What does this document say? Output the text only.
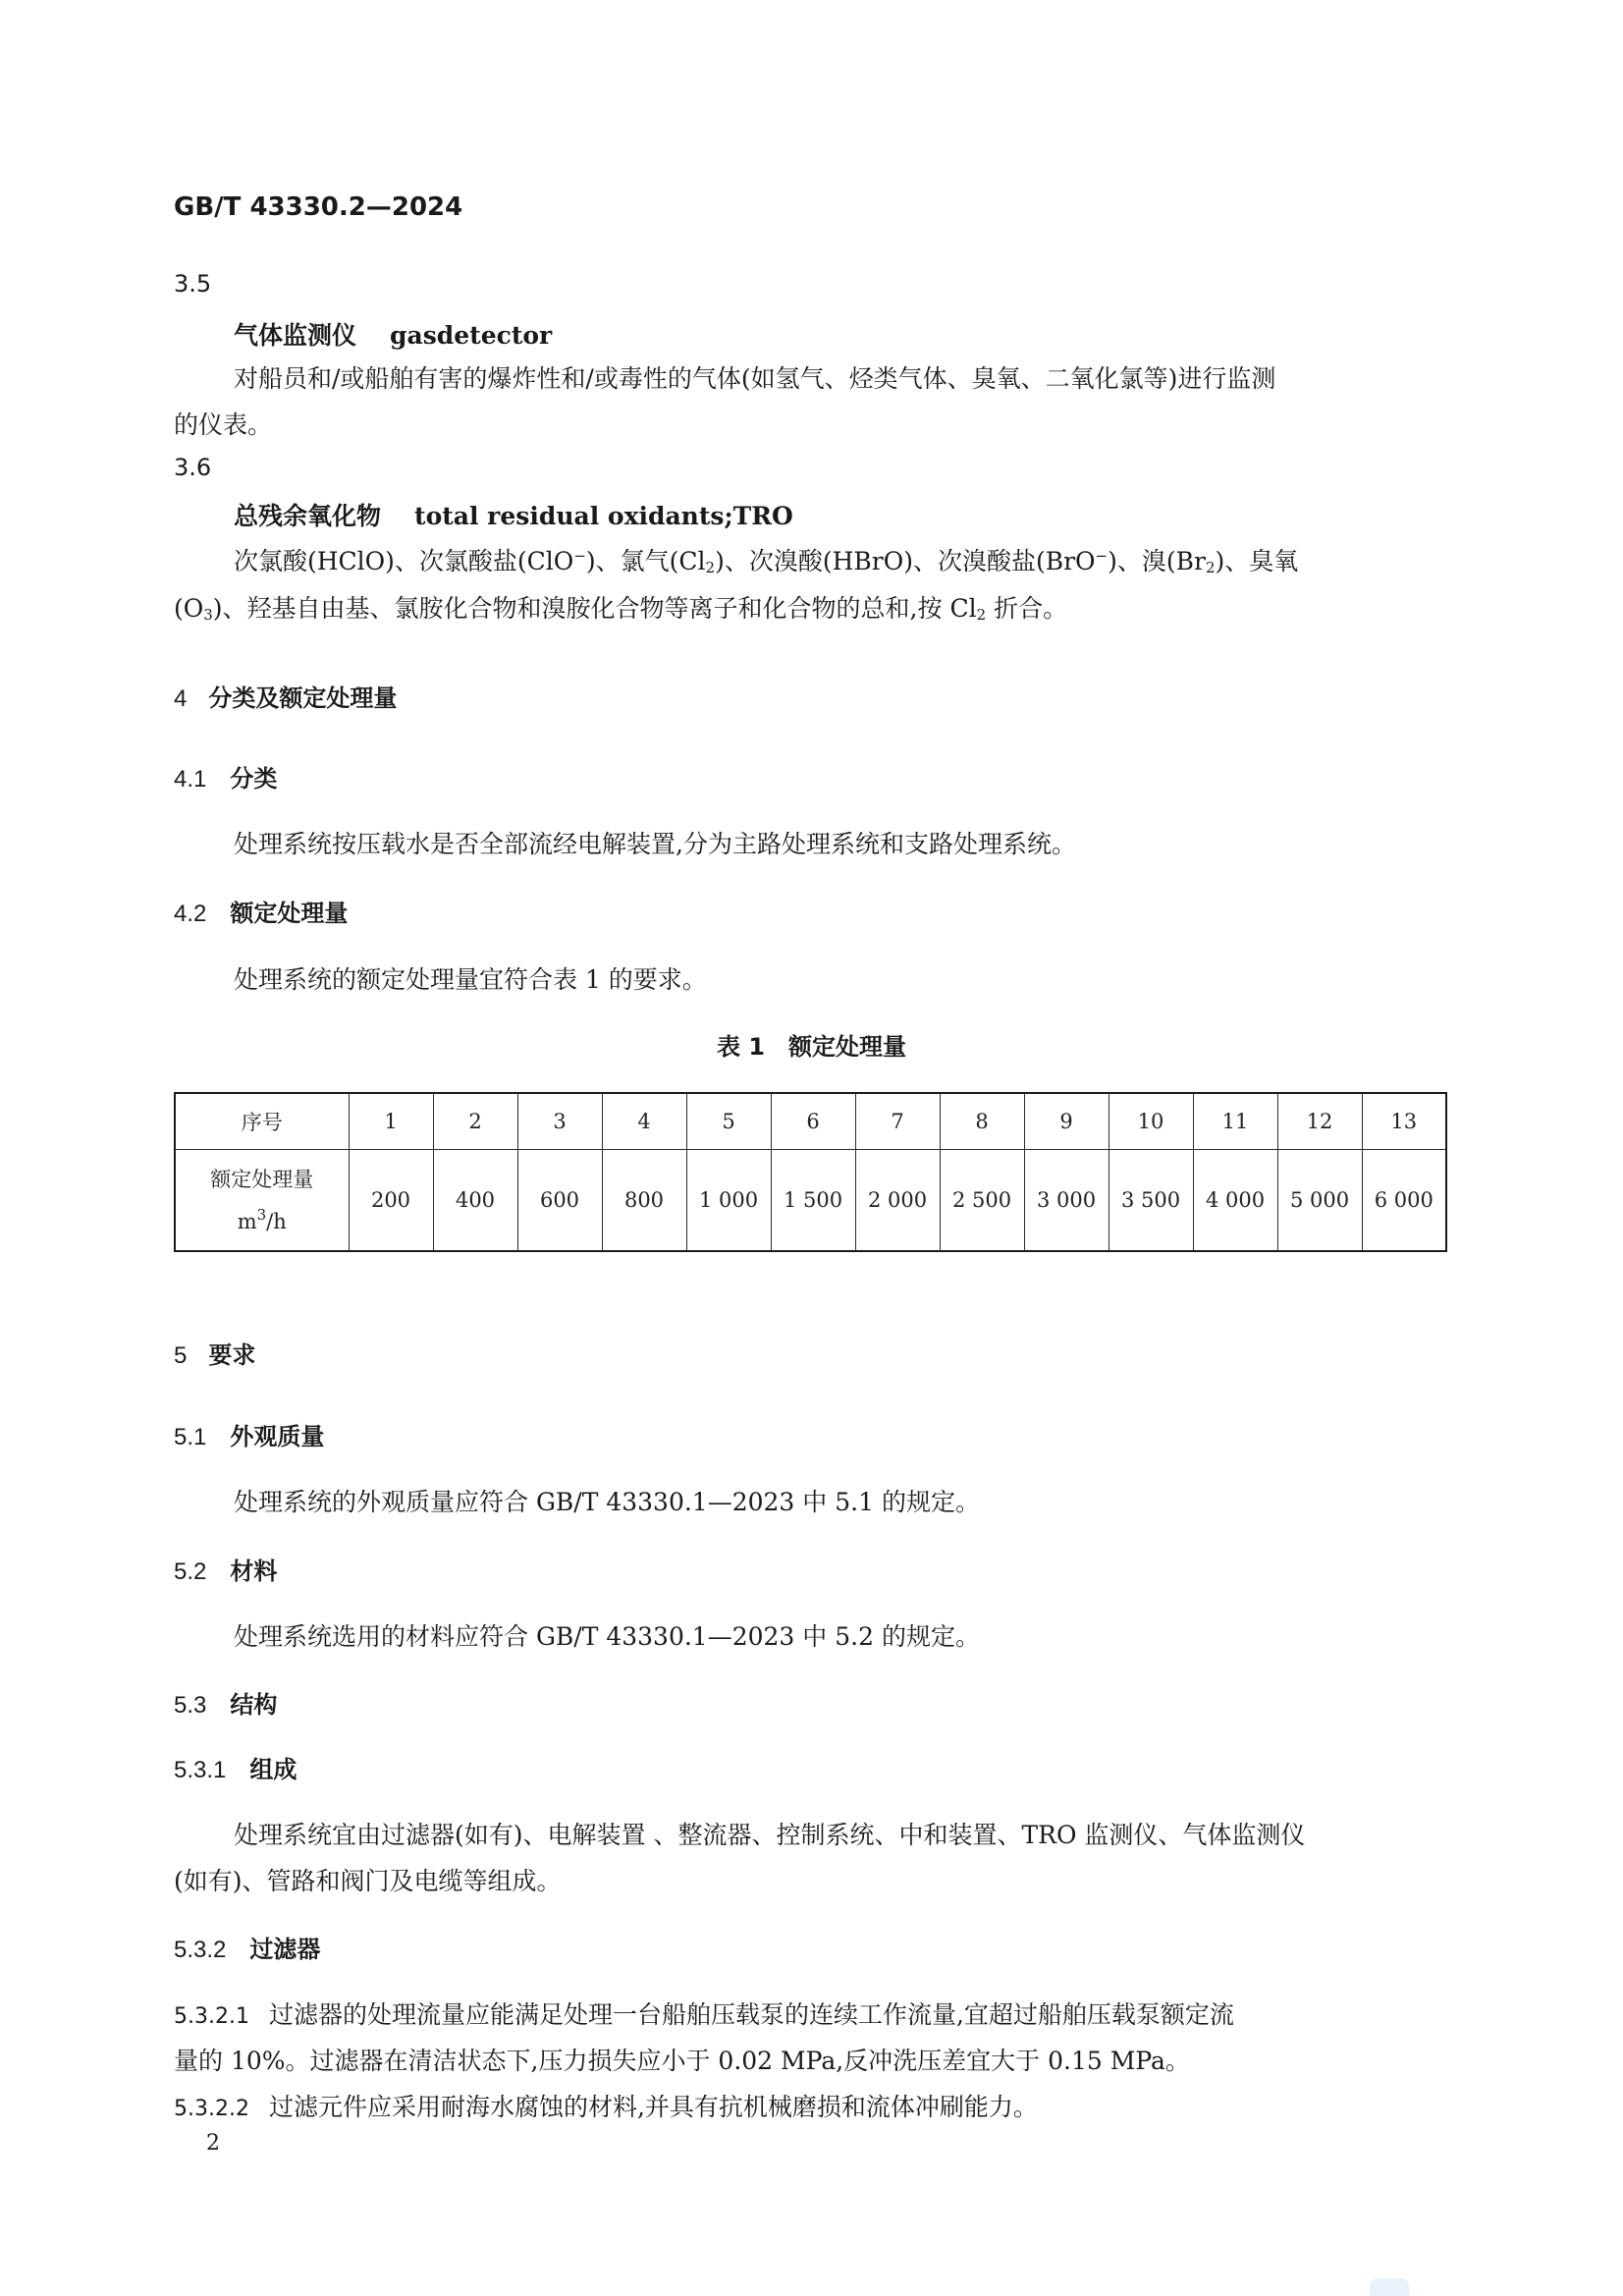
GB/T 43330.2—2024
3.5
气体监测仪 gasdetector
对船员和/或船舶有害的爆炸性和/或毒性的气体(如氢气、烃类气体、臭氧、二氧化氯等)进行监测
的仪表。
3.6
总残余氧化物 total residual oxidants;TRO
次氯酸(HClO)、次氯酸盐(ClO−)、氯气$(Cl_2)$、次溴酸(HBrO)、次溴酸盐(BrO−)、溴$(Br_2)$、臭氧
$(O_3)$、羟基自由基、氯胺化合物和溴胺化合物等离子和化合物的总和,按 $Cl_2$ 折合。
4 分类及额定处理量
4.1 分类
处理系统按压载水是否全部流经电解装置,分为主路处理系统和支路处理系统。
4.2 额定处理量
处理系统的额定处理量宜符合表 1 的要求。
表 1　额定处理量
序号	1	2	3	4	5	6	7	8	9	10	11	12	13

额定处理量
$m^3/h$	200	400	600	800	1 000	1 500	2 000	2 500	3 000	3 500	4 000	5 000	6 000
5 要求
5.1 外观质量
处理系统的外观质量应符合 GB/T 43330.1—2023 中 5.1 的规定。
5.2 材料
处理系统选用的材料应符合 GB/T 43330.1—2023 中 5.2 的规定。
5.3 结构
5.3.1 组成
处理系统宜由过滤器(如有)、电解装置 、整流器、控制系统、中和装置、TRO 监测仪、气体监测仪
(如有)、管路和阀门及电缆等组成。
5.3.2 过滤器
5.3.2.1 过滤器的处理流量应能满足处理一台船舶压载泵的连续工作流量,宜超过船舶压载泵额定流
量的 10%。过滤器在清洁状态下,压力损失应小于 0.02 MPa,反冲洗压差宜大于 0.15 MPa。
5.3.2.2 过滤元件应采用耐海水腐蚀的材料,并具有抗机械磨损和流体冲刷能力。
2
